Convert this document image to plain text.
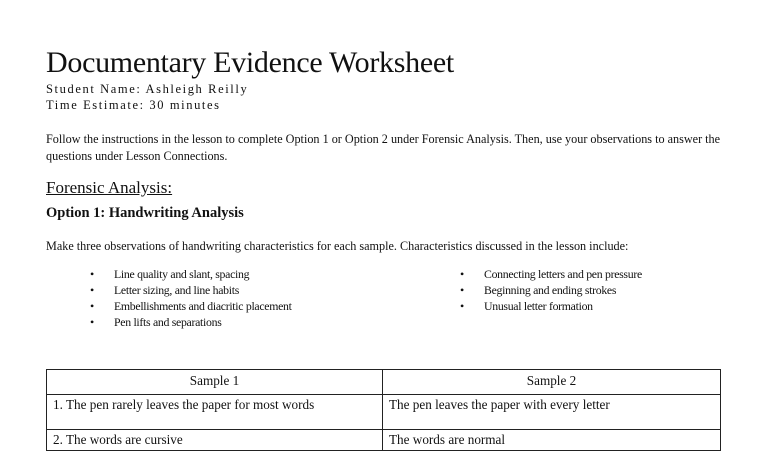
Documentary Evidence Worksheet
Student Name: Ashleigh Reilly
Time Estimate: 30 minutes
Follow the instructions in the lesson to complete Option 1 or Option 2 under Forensic Analysis. Then, use your observations to answer the questions under Lesson Connections.
Forensic Analysis:
Option 1: Handwriting Analysis
Make three observations of handwriting characteristics for each sample. Characteristics discussed in the lesson include:
• Line quality and slant, spacing
• Letter sizing, and line habits
• Embellishments and diacritic placement
• Pen lifts and separations
• Connecting letters and pen pressure
• Beginning and ending strokes
• Unusual letter formation
Sample 1	Sample 2
1. The pen rarely leaves the paper for most words	The pen leaves the paper with every letter
2. The words are cursive	The words are normal
